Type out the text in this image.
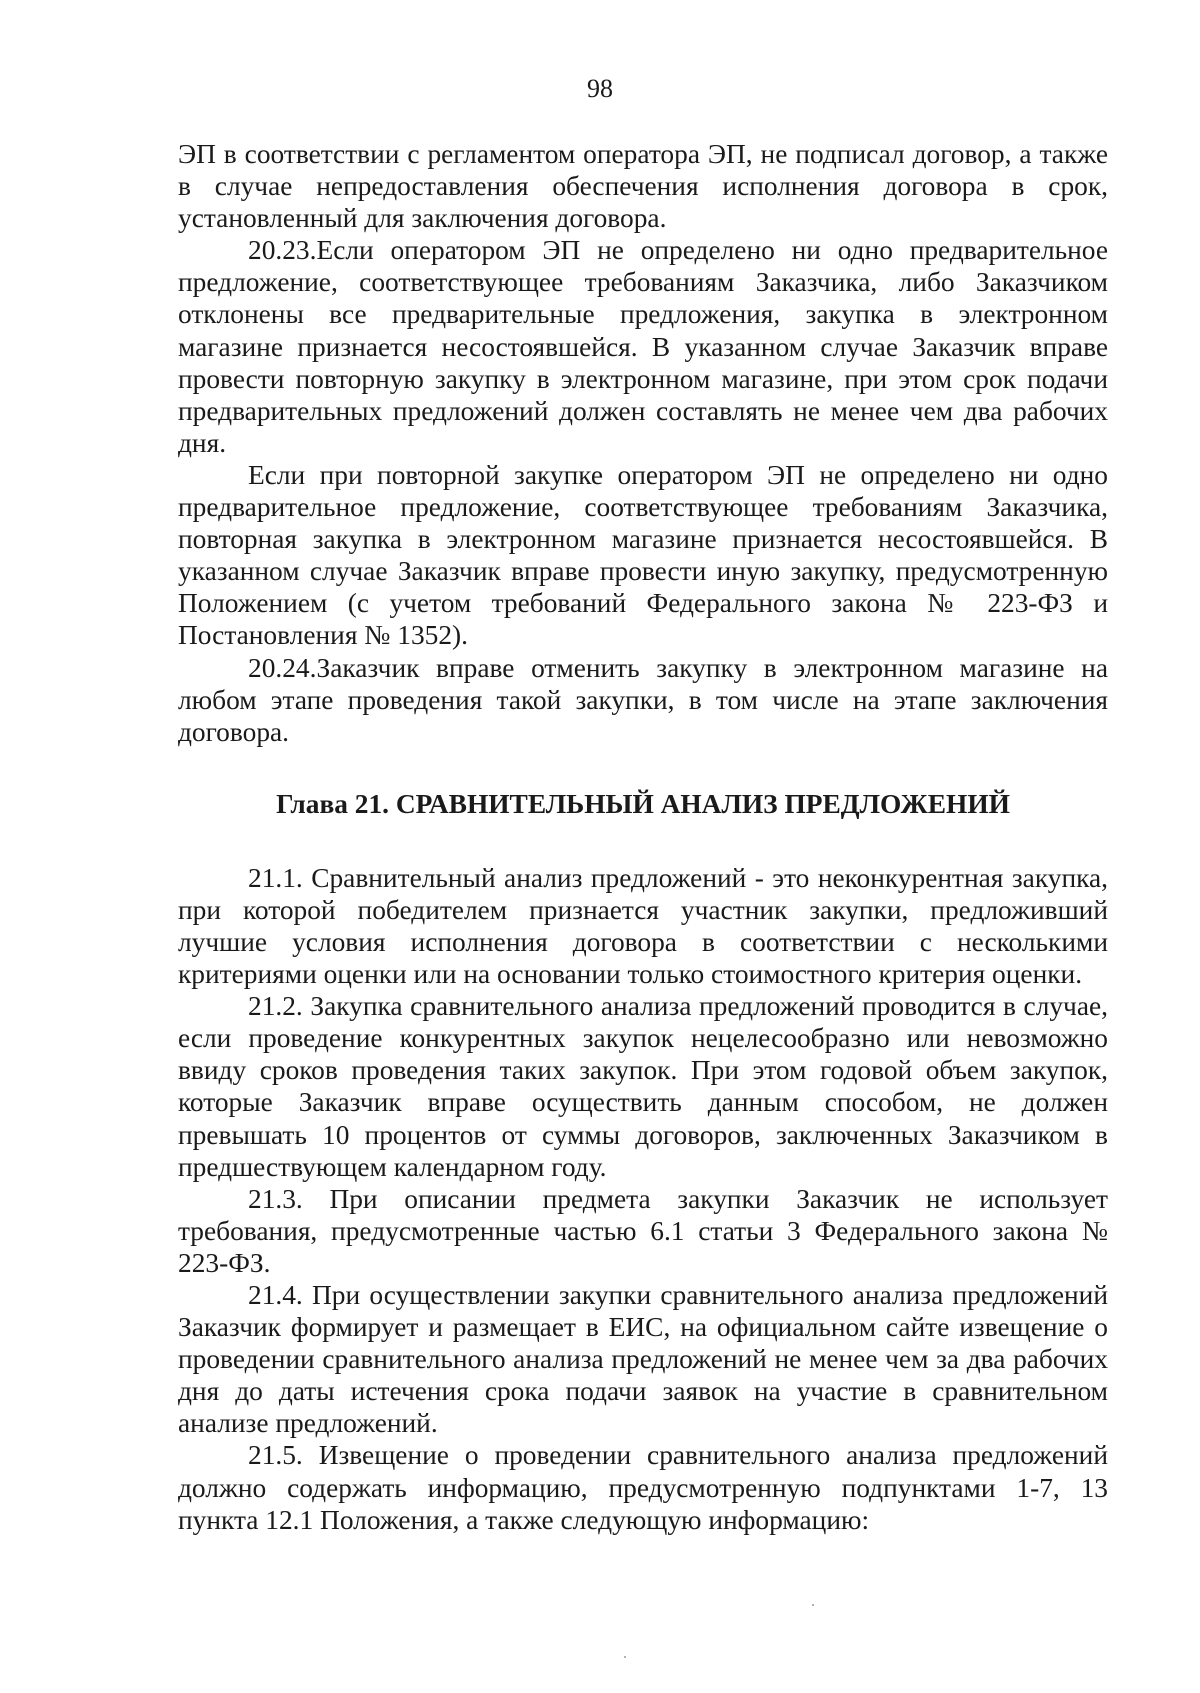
98

ЭП в соответствии с регламентом оператора ЭП, не подписал договор, а также в случае непредоставления обеспечения исполнения договора в срок, установленный для заключения договора.

20.23.Если оператором ЭП не определено ни одно предварительное предложение, соответствующее требованиям Заказчика, либо Заказчиком отклонены все предварительные предложения, закупка в электронном магазине признается несостоявшейся. В указанном случае Заказчик вправе провести повторную закупку в электронном магазине, при этом срок подачи предварительных предложений должен составлять не менее чем два рабочих дня.

Если при повторной закупке оператором ЭП не определено ни одно предварительное предложение, соответствующее требованиям Заказчика, повторная закупка в электронном магазине признается несостоявшейся. В указанном случае Заказчик вправе провести иную закупку, предусмотренную Положением (с учетом требований Федерального закона № 223-ФЗ и Постановления № 1352).

20.24.Заказчик вправе отменить закупку в электронном магазине на любом этапе проведения такой закупки, в том числе на этапе заключения договора.

Глава 21. СРАВНИТЕЛЬНЫЙ АНАЛИЗ ПРЕДЛОЖЕНИЙ

21.1. Сравнительный анализ предложений - это неконкурентная закупка, при которой победителем признается участник закупки, предложивший лучшие условия исполнения договора в соответствии с несколькими критериями оценки или на основании только стоимостного критерия оценки.

21.2. Закупка сравнительного анализа предложений проводится в случае, если проведение конкурентных закупок нецелесообразно или невозможно ввиду сроков проведения таких закупок. При этом годовой объем закупок, которые Заказчик вправе осуществить данным способом, не должен превышать 10 процентов от суммы договоров, заключенных Заказчиком в предшествующем календарном году.

21.3. При описании предмета закупки Заказчик не использует требования, предусмотренные частью 6.1 статьи 3 Федерального закона № 223-ФЗ.

21.4. При осуществлении закупки сравнительного анализа предложений Заказчик формирует и размещает в ЕИС, на официальном сайте извещение о проведении сравнительного анализа предложений не менее чем за два рабочих дня до даты истечения срока подачи заявок на участие в сравнительном анализе предложений.

21.5. Извещение о проведении сравнительного анализа предложений должно содержать информацию, предусмотренную подпунктами 1-7, 13 пункта 12.1 Положения, а также следующую информацию:
